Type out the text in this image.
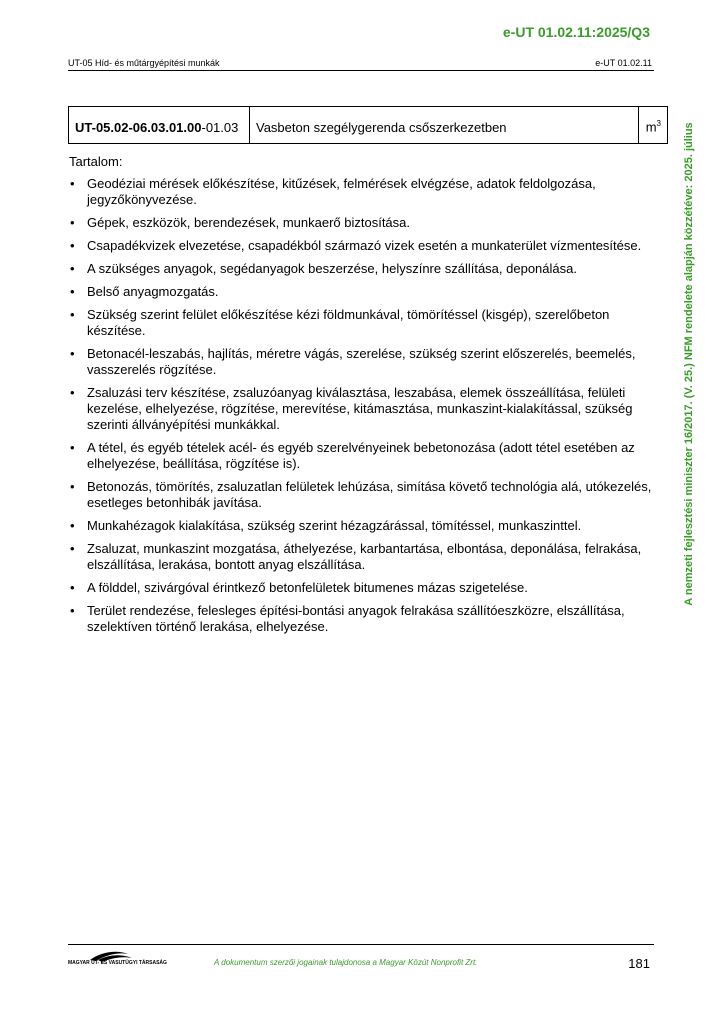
e-UT 01.02.11:2025/Q3
UT-05 Híd- és műtárgyépítési munkák	e-UT 01.02.11
UT-05.02-06.03.01.00-01.03	Vasbeton szegélygerenda csőszerkezetben	$m^3$
Tartalom:
• Geodéziai mérések előkészítése, kitűzések, felmérések elvégzése, adatok feldolgozása, jegyzőkönyvezése.
• Gépek, eszközök, berendezések, munkaerő biztosítása.
• Csapadékvizek elvezetése, csapadékból származó vizek esetén a munkaterület vízmentesítése.
• A szükséges anyagok, segédanyagok beszerzése, helyszínre szállítása, deponálása.
• Belső anyagmozgatás.
• Szükség szerint felület előkészítése kézi földmunkával, tömörítéssel (kisgép), szerelőbeton készítése.
• Betonacél-leszabás, hajlítás, méretre vágás, szerelése, szükség szerint előszerelés, beemelés, vasszerelés rögzítése.
• Zsaluzási terv készítése, zsaluzóanyag kiválasztása, leszabása, elemek összeállítása, felületi kezelése, elhelyezése, rögzítése, merevítése, kitámasztása, munkaszint-kialakítással, szükség szerinti állványépítési munkákkal.
• A tétel, és egyéb tételek acél- és egyéb szerelvényeinek bebetonozása (adott tétel esetében az elhelyezése, beállítása, rögzítése is).
• Betonozás, tömörítés, zsaluzatlan felületek lehúzása, simítása követő technológia alá, utókezelés, esetleges betonhibák javítása.
• Munkahézagok kialakítása, szükség szerint hézagzárással, tömítéssel, munkaszinttel.
• Zsaluzat, munkaszint mozgatása, áthelyezése, karbantartása, elbontása, deponálása, felrakása, elszállítása, lerakása, bontott anyag elszállítása.
• A földdel, szivárgóval érintkező betonfelületek bitumenes mázas szigetelése.
• Terület rendezése, felesleges építési-bontási anyagok felrakása szállítóeszközre, elszállítása, szelektíven történő lerakása, elhelyezése.
A nemzeti fejlesztési miniszter 16/2017. (V. 25.) NFM rendelete alapján közzétéve: 2025. július
MAGYAR UT- ÉS VASUTÜGYI TÁRSASÁG	A dokumentum szerzői jogainak tulajdonosa a Magyar Közút Nonprofit Zrt.	181
